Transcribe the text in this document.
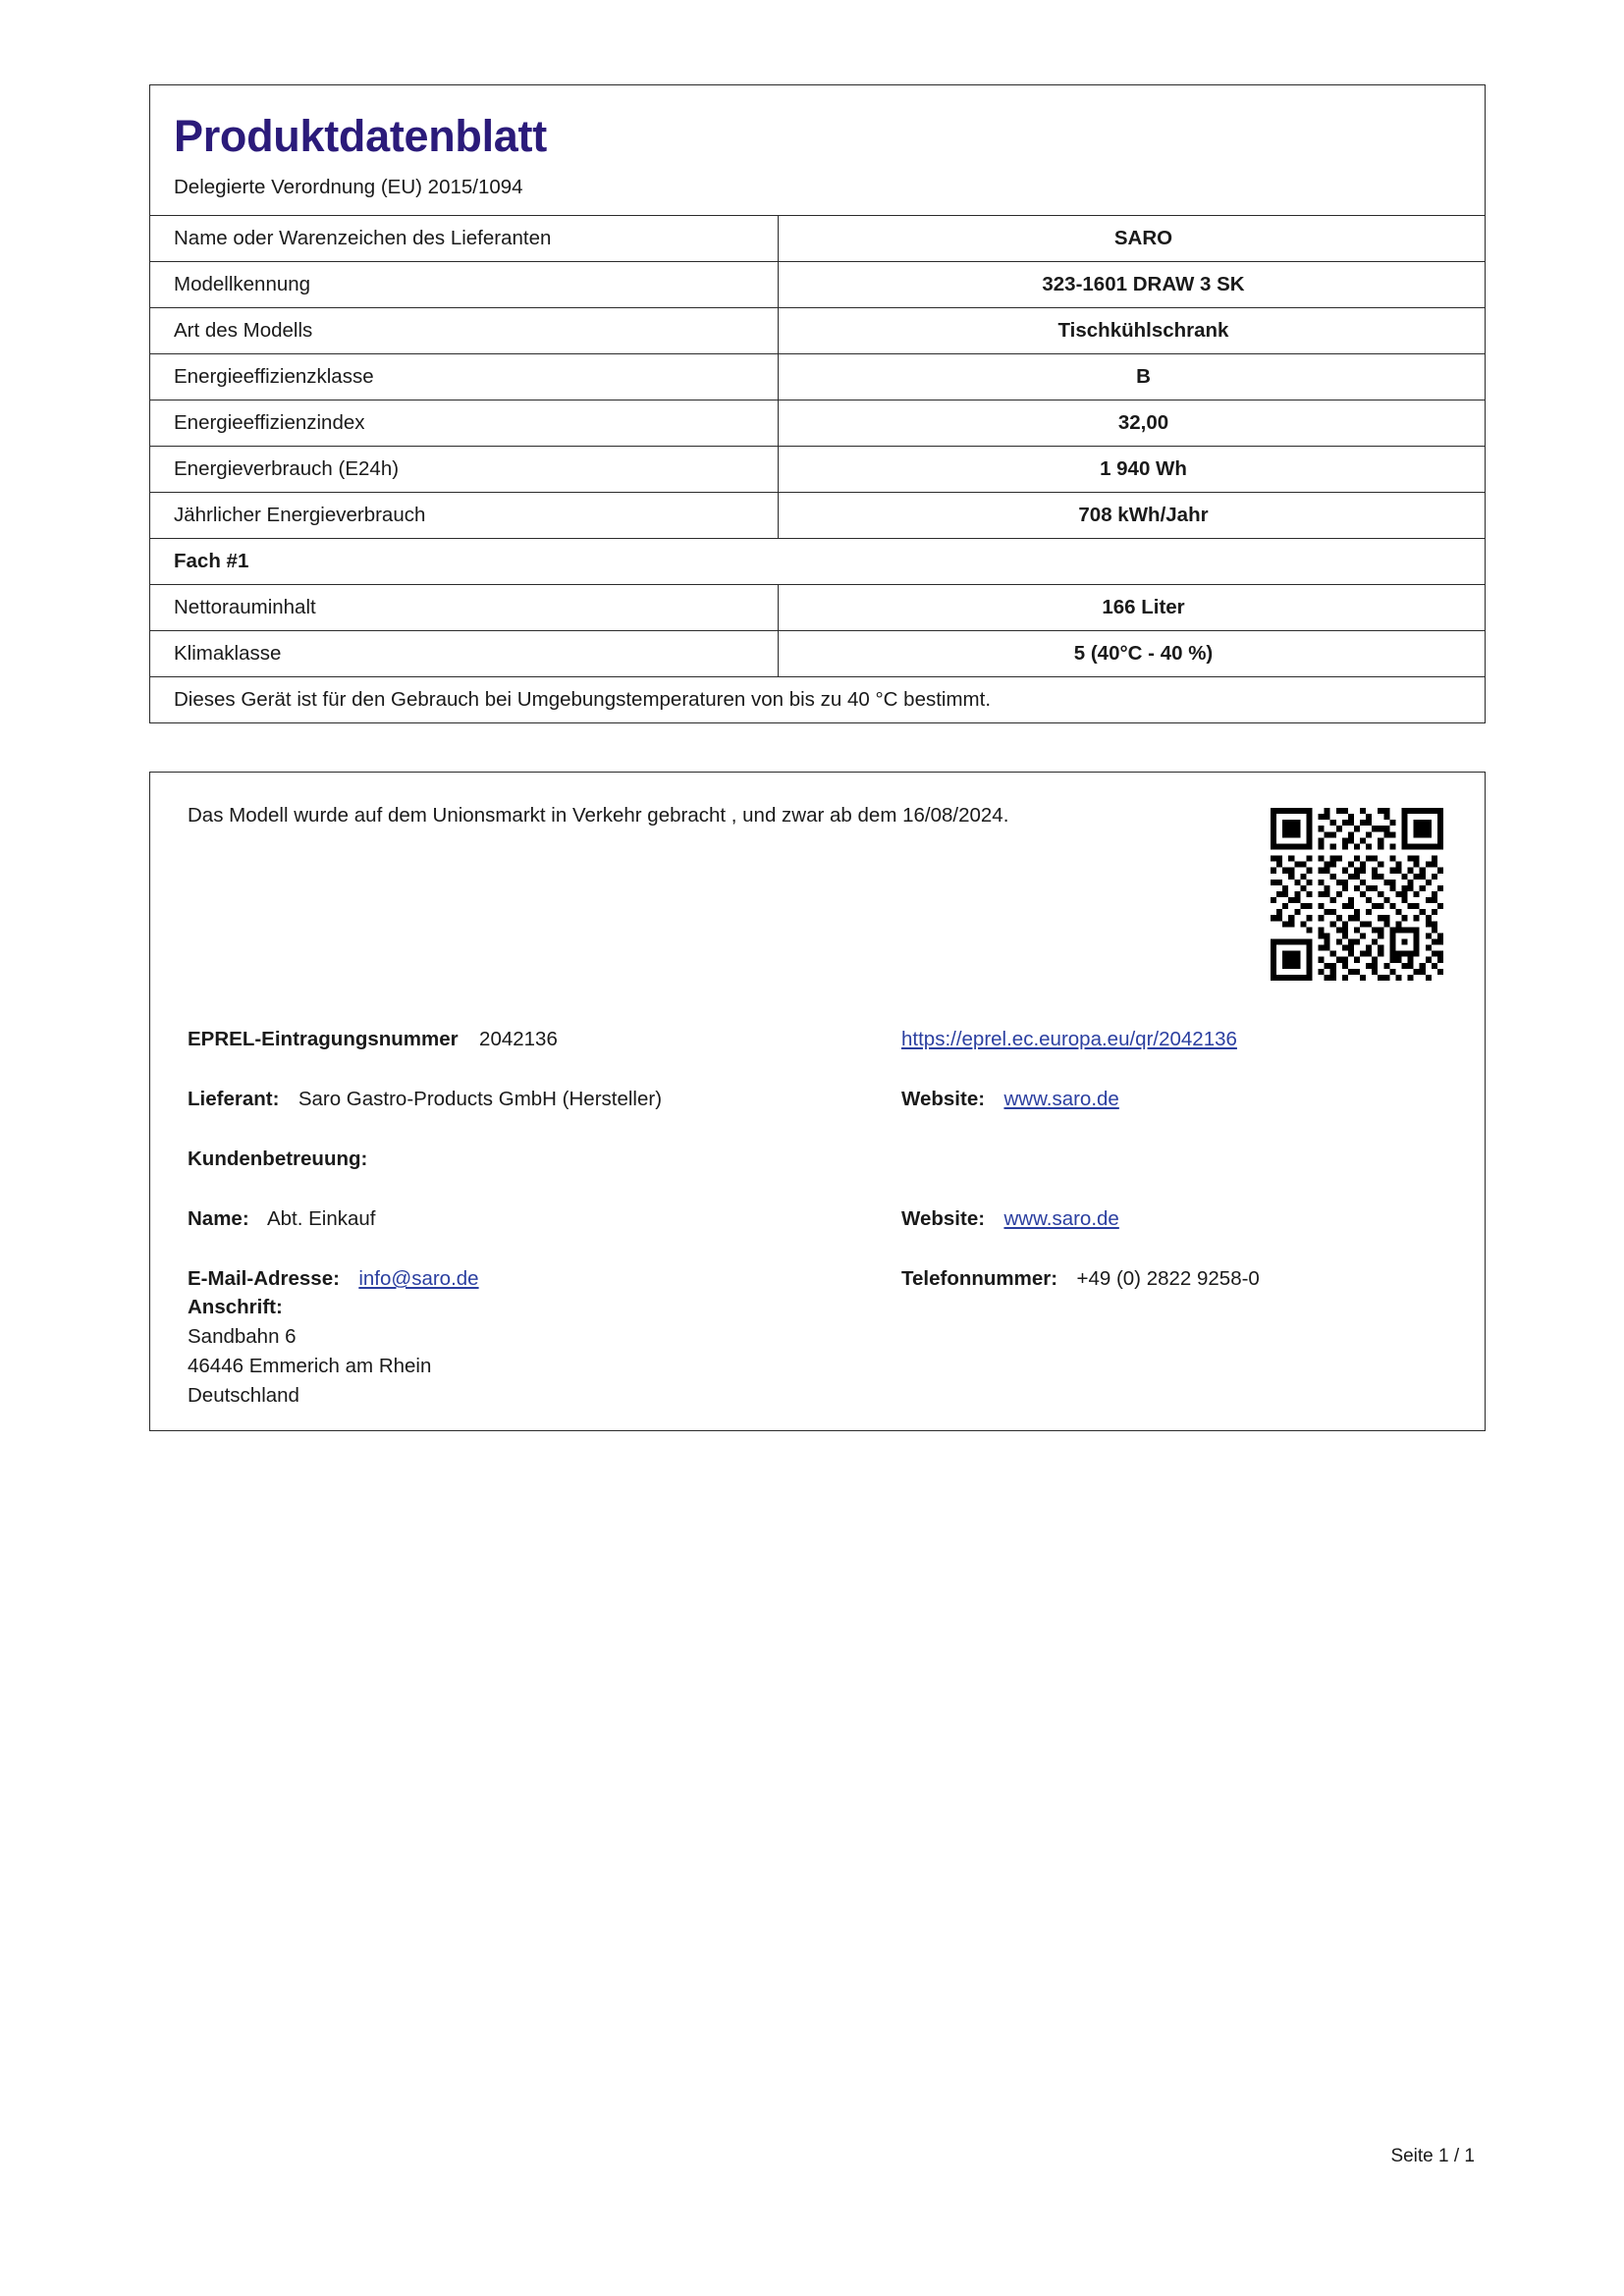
Produktdatenblatt
Delegierte Verordnung (EU) 2015/1094
Name oder Warenzeichen des Lieferanten	SARO
Modellkennung	323-1601 DRAW 3 SK
Art des Modells	Tischkühlschrank
Energieeffizienzklasse	B
Energieeffizienzindex	32,00
Energieverbrauch (E24h)	1 940 Wh
Jährlicher Energieverbrauch	708 kWh/Jahr
Fach #1	
Nettorauminhalt	166 Liter
Klimaklasse	5 (40°C - 40 %)
Dieses Gerät ist für den Gebrauch bei Umgebungstemperaturen von bis zu 40 °C bestimmt.	
Das Modell wurde auf dem Unionsmarkt in Verkehr gebracht , und zwar ab dem 16/08/2024.
EPREL-Eintragungsnummer 2042136	https://eprel.ec.europa.eu/qr/2042136
Lieferant: Saro Gastro-Products GmbH (Hersteller)	Website: www.saro.de
Kundenbetreuung:
Name: Abt. Einkauf	Website: www.saro.de
E-Mail-Adresse: info@saro.de	Telefonnummer: +49 (0) 2822 9258-0
Anschrift:
Sandbahn 6
46446 Emmerich am Rhein
Deutschland
Seite 1 / 1
